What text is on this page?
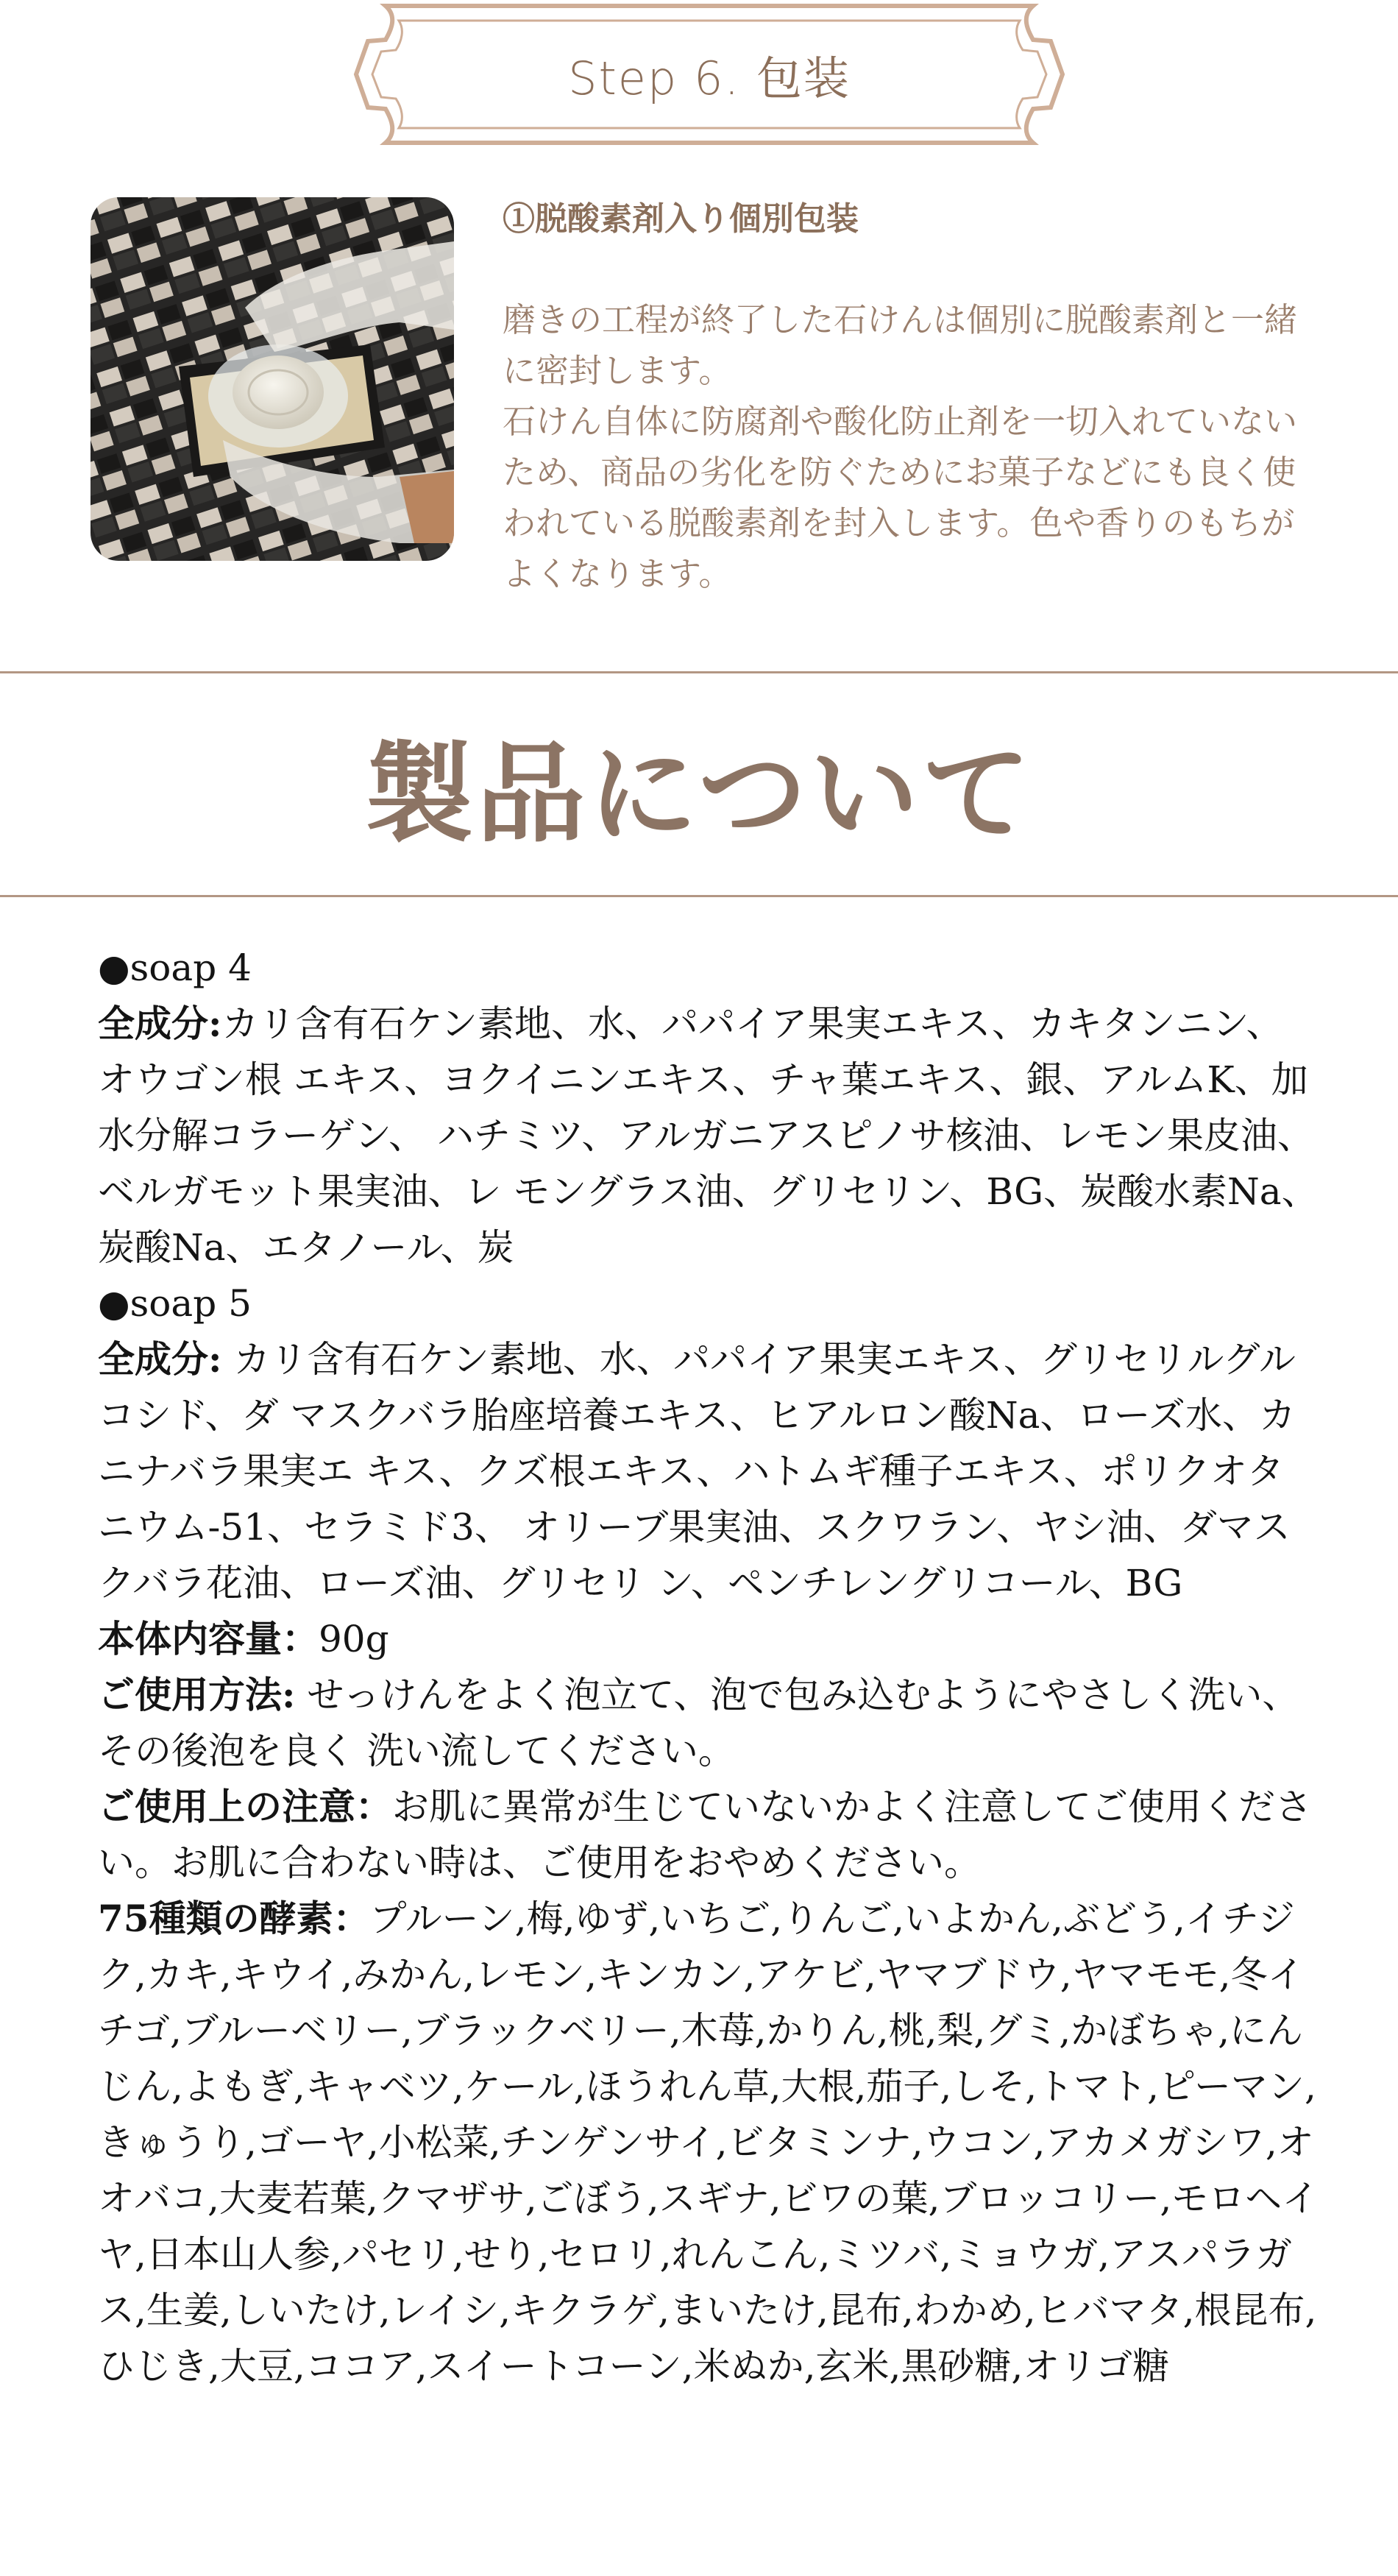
Step 6. 包装
①脱酸素剤入り個別包装

磨きの工程が終了した石けんは個別に脱酸素剤と一緒に密封します。

石けん自体に防腐剤や酸化防止剤を一切入れていないため、商品の劣化を防ぐためにお菓子などにも良く使われている脱酸素剤を封入します。色や香りのもちがよくなります。

製品について

●soap 4

全成分:カリ含有石ケン素地、水、パパイア果実エキス、カキタンニン、オウゴン根 エキス、ヨクイニンエキス、チャ葉エキス、銀、アルムK、加水分解コラーゲン、 ハチミツ、アルガニアスピノサ核油、レモン果皮油、ベルガモット果実油、レ モングラス油、グリセリン、BG、炭酸水素Na、炭酸Na、エタノール、炭

●soap 5

全成分: カリ含有石ケン素地、水、パパイア果実エキス、グリセリルグルコシド、ダ マスクバラ胎座培養エキス、ヒアルロン酸Na、ローズ水、カニナバラ果実エ キス、クズ根エキス、ハトムギ種子エキス、ポリクオタニウム-51、セラミド3、 オリーブ果実油、スクワラン、ヤシ油、ダマスクバラ花油、ローズ油、グリセリ ン、ペンチレングリコール、BG

本体内容量：90g

ご使用方法: せっけんをよく泡立て、泡で包み込むようにやさしく洗い、その後泡を良く 洗い流してください。

ご使用上の注意：お肌に異常が生じていないかよく注意してご使用ください。お肌に合わない時は、ご使用をおやめください。

75種類の酵素：プルーン,梅,ゆず,いちご,りんご,いよかん,ぶどう,イチジク,カキ,キウイ,みかん,レモン,キンカン,アケビ,ヤマブドウ,ヤマモモ,冬イチゴ,ブルーベリー,ブラックベリー,木苺,かりん,桃,梨,グミ,かぼちゃ,にんじん,よもぎ,キャベツ,ケール,ほうれん草,大根,茄子,しそ,トマト,ピーマン,きゅうり,ゴーヤ,小松菜,チンゲンサイ,ビタミンナ,ウコン,アカメガシワ,オオバコ,大麦若葉,クマザサ,ごぼう,スギナ,ビワの葉,ブロッコリー,モロヘイヤ,日本山人参,パセリ,せり,セロリ,れんこん,ミツバ,ミョウガ,アスパラガス,生姜,しいたけ,レイシ,キクラゲ,まいたけ,昆布,わかめ,ヒバマタ,根昆布,ひじき,大豆,ココア,スイートコーン,米ぬか,玄米,黒砂糖,オリゴ糖
